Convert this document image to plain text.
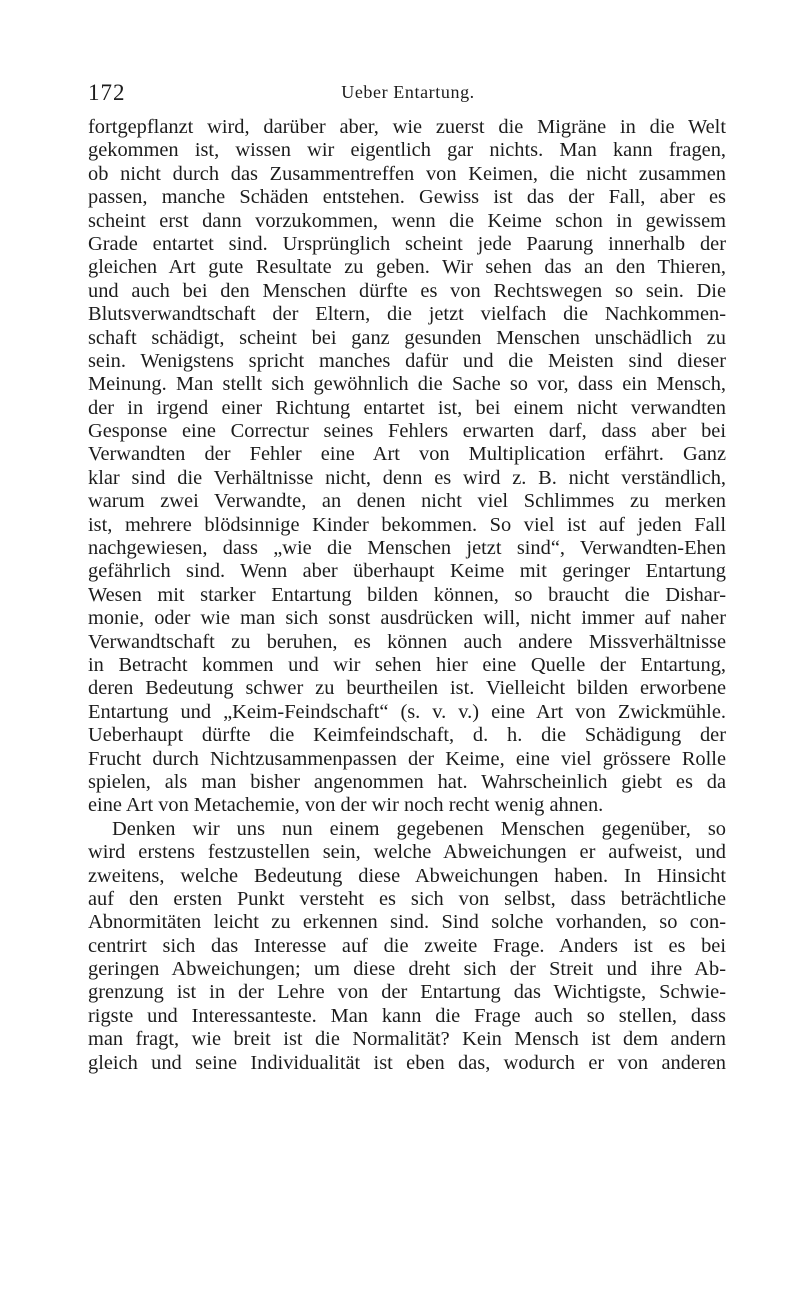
172	Ueber Entartung.
fortgepflanzt wird, darüber aber, wie zuerst die Migräne in die Welt
gekommen ist, wissen wir eigentlich gar nichts. Man kann fragen,
ob nicht durch das Zusammentreffen von Keimen, die nicht zusammen
passen, manche Schäden entstehen. Gewiss ist das der Fall, aber es
scheint erst dann vorzukommen, wenn die Keime schon in gewissem
Grade entartet sind. Ursprünglich scheint jede Paarung innerhalb der
gleichen Art gute Resultate zu geben. Wir sehen das an den Thieren,
und auch bei den Menschen dürfte es von Rechtswegen so sein. Die
Blutsverwandtschaft der Eltern, die jetzt vielfach die Nachkommen-
schaft schädigt, scheint bei ganz gesunden Menschen unschädlich zu
sein. Wenigstens spricht manches dafür und die Meisten sind dieser
Meinung. Man stellt sich gewöhnlich die Sache so vor, dass ein Mensch,
der in irgend einer Richtung entartet ist, bei einem nicht verwandten
Gesponse eine Correctur seines Fehlers erwarten darf, dass aber bei
Verwandten der Fehler eine Art von Multiplication erfährt. Ganz
klar sind die Verhältnisse nicht, denn es wird z. B. nicht verständlich,
warum zwei Verwandte, an denen nicht viel Schlimmes zu merken
ist, mehrere blödsinnige Kinder bekommen. So viel ist auf jeden Fall
nachgewiesen, dass „wie die Menschen jetzt sind“, Verwandten-Ehen
gefährlich sind. Wenn aber überhaupt Keime mit geringer Entartung
Wesen mit starker Entartung bilden können, so braucht die Dishar-
monie, oder wie man sich sonst ausdrücken will, nicht immer auf naher
Verwandtschaft zu beruhen, es können auch andere Missverhältnisse
in Betracht kommen und wir sehen hier eine Quelle der Entartung,
deren Bedeutung schwer zu beurtheilen ist. Vielleicht bilden erworbene
Entartung und „Keim-Feindschaft“ (s. v. v.) eine Art von Zwickmühle.
Ueberhaupt dürfte die Keimfeindschaft, d. h. die Schädigung der
Frucht durch Nichtzusammenpassen der Keime, eine viel grössere Rolle
spielen, als man bisher angenommen hat. Wahrscheinlich giebt es da
eine Art von Metachemie, von der wir noch recht wenig ahnen.
Denken wir uns nun einem gegebenen Menschen gegenüber, so
wird erstens festzustellen sein, welche Abweichungen er aufweist, und
zweitens, welche Bedeutung diese Abweichungen haben. In Hinsicht
auf den ersten Punkt versteht es sich von selbst, dass beträchtliche
Abnormitäten leicht zu erkennen sind. Sind solche vorhanden, so con-
centrirt sich das Interesse auf die zweite Frage. Anders ist es bei
geringen Abweichungen; um diese dreht sich der Streit und ihre Ab-
grenzung ist in der Lehre von der Entartung das Wichtigste, Schwie-
rigste und Interessanteste. Man kann die Frage auch so stellen, dass
man fragt, wie breit ist die Normalität? Kein Mensch ist dem andern
gleich und seine Individualität ist eben das, wodurch er von anderen
